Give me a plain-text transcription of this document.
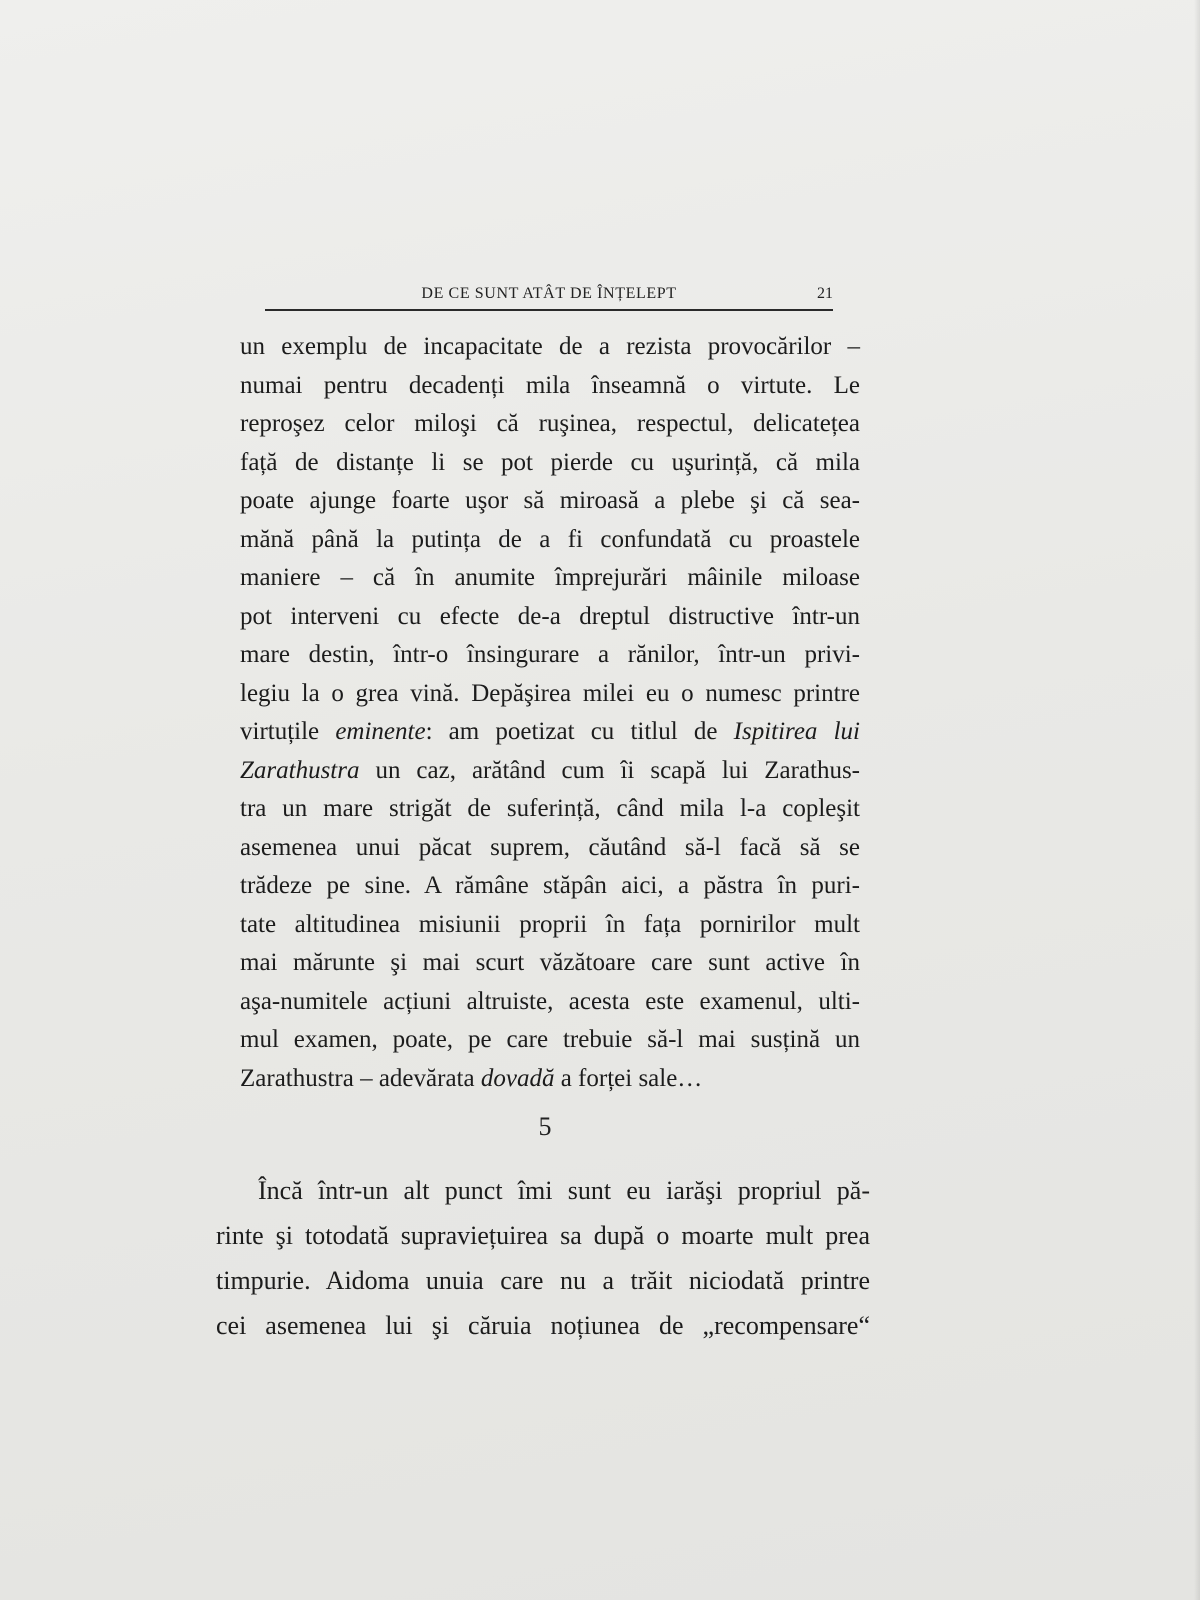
DE CE SUNT ATÂT DE ÎNȚELEPT	21
un exemplu de incapacitate de a rezista provocărilor –
numai pentru decadenți mila înseamnă o virtute. Le
reproşez celor miloşi că ruşinea, respectul, delicatețea
față de distanțe li se pot pierde cu uşurință, că mila
poate ajunge foarte uşor să miroasă a plebe şi că sea-
mănă până la putința de a fi confundată cu proastele
maniere – că în anumite împrejurări mâinile miloase
pot interveni cu efecte de-a dreptul distructive într-un
mare destin, într-o însingurare a rănilor, într-un privi-
legiu la o grea vină. Depăşirea milei eu o numesc printre
virtuțile eminente: am poetizat cu titlul de Ispitirea lui
Zarathustra un caz, arătând cum îi scapă lui Zarathus-
tra un mare strigăt de suferință, când mila l-a copleşit
asemenea unui păcat suprem, căutând să-l facă să se
trădeze pe sine. A rămâne stăpân aici, a păstra în puri-
tate altitudinea misiunii proprii în fața pornirilor mult
mai mărunte şi mai scurt văzătoare care sunt active în
aşa-numitele acțiuni altruiste, acesta este examenul, ulti-
mul examen, poate, pe care trebuie să-l mai susțină un
Zarathustra – adevărata dovadă a forței sale…
5
Încă într-un alt punct îmi sunt eu iarăşi propriul pă-
rinte şi totodată supraviețuirea sa după o moarte mult prea
timpurie. Aidoma unuia care nu a trăit niciodată printre
cei asemenea lui şi căruia noțiunea de „recompensare“
